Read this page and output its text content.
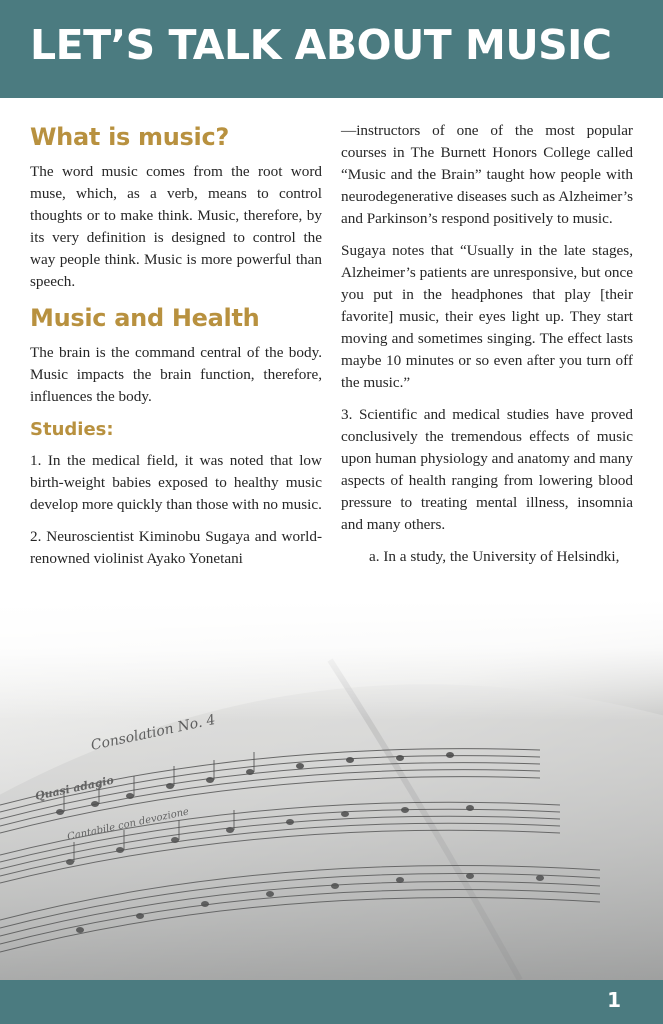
LET’S TALK ABOUT MUSIC
What is music?

The word music comes from the root word muse, which, as a verb, means to control thoughts or to make think. Music, therefore, by its very definition is designed to control the way people think. Music is more powerful than speech.

Music and Health

The brain is the command central of the body. Music impacts the brain function, therefore, influences the body.

Studies:

1. In the medical field, it was noted that low birth-weight babies exposed to healthy music develop more quickly than those with no music.

2. Neuroscientist Kiminobu Sugaya and world-renowned violinist Ayako Yonetani

—instructors of one of the most popular courses in The Burnett Honors College called “Music and the Brain” taught how people with neurodegenerative diseases such as Alzheimer’s and Parkinson’s respond positively to music.

Sugaya notes that “Usually in the late stages, Alzheimer’s patients are unresponsive, but once you put in the headphones that play [their favorite] music, their eyes light up. They start moving and sometimes singing. The effect lasts maybe 10 minutes or so even after you turn off the music.”

3. Scientific and medical studies have proved conclusively the tremendous effects of music upon human physiology and anatomy and many aspects of health ranging from lowering blood pressure to treating mental illness, insomnia and many others.

a. In a study, the University of Helsindki,

1
